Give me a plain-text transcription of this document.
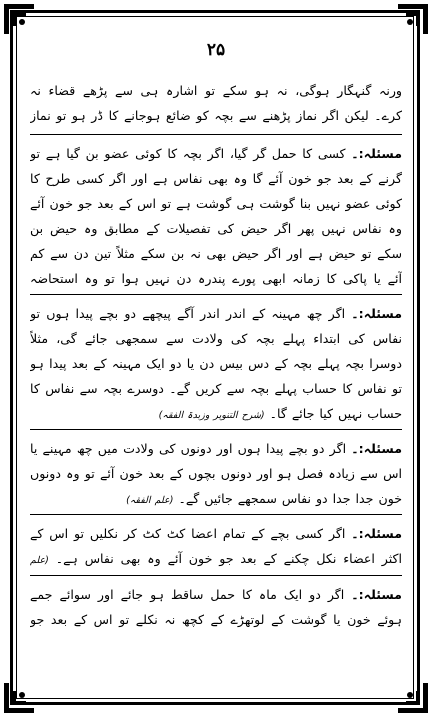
۲۵

ورنہ گنہگار ہوگی، نہ ہو سکے تو اشارہ ہی سے پڑھے قضاء نہ کرے۔ لیکن اگر نماز پڑھنے سے بچہ کو ضائع ہوجانے کا ڈر ہو تو نماز

مسئلہ:۔ کسی کا حمل گر گیا، اگر بچہ کا کوئی عضو بن گیا ہے تو گرنے کے بعد جو خون آئے گا وہ بھی نفاس ہے اور اگر کسی طرح کا کوئی عضو نہیں بنا گوشت ہی گوشت ہے تو اس کے بعد جو خون آئے وہ نفاس نہیں پھر اگر حیض کی تفصیلات کے مطابق وہ حیض بن سکے تو حیض ہے اور اگر حیض بھی نہ بن سکے مثلاً تین دن سے کم آئے یا پاکی کا زمانہ ابھی پورے پندرہ دن نہیں ہوا تو وہ استحاضہ

مسئلہ:۔ اگر چھ مہینہ کے اندر اندر آگے پیچھے دو بچے پیدا ہوں تو نفاس کی ابتداء پہلے بچہ کی ولادت سے سمجھی جائے گی، مثلاً دوسرا بچہ پہلے بچہ کے دس بیس دن یا دو ایک مہینہ کے بعد پیدا ہو تو نفاس کا حساب پہلے بچہ سے کریں گے۔ دوسرے بچہ سے نفاس کا حساب نہیں کیا جائے گا۔ (شرح التنویر وزبدۃ الفقہ)

مسئلہ:۔ اگر دو بچے پیدا ہوں اور دونوں کی ولادت میں چھ مہینے یا اس سے زیادہ فصل ہو اور دونوں بچوں کے بعد خون آئے تو وہ دونوں خون جدا جدا دو نفاس سمجھے جائیں گے۔ (علم الفقہ)

مسئلہ:۔ اگر کسی بچے کے تمام اعضا کٹ کٹ کر نکلیں تو اس کے اکثر اعضاء نکل چکنے کے بعد جو خون آئے وہ بھی نفاس ہے۔ (علم

مسئلہ:۔ اگر دو ایک ماہ کا حمل ساقط ہو جائے اور سوائے جمے ہوئے خون یا گوشت کے لوتھڑے کے کچھ نہ نکلے تو اس کے بعد جو
